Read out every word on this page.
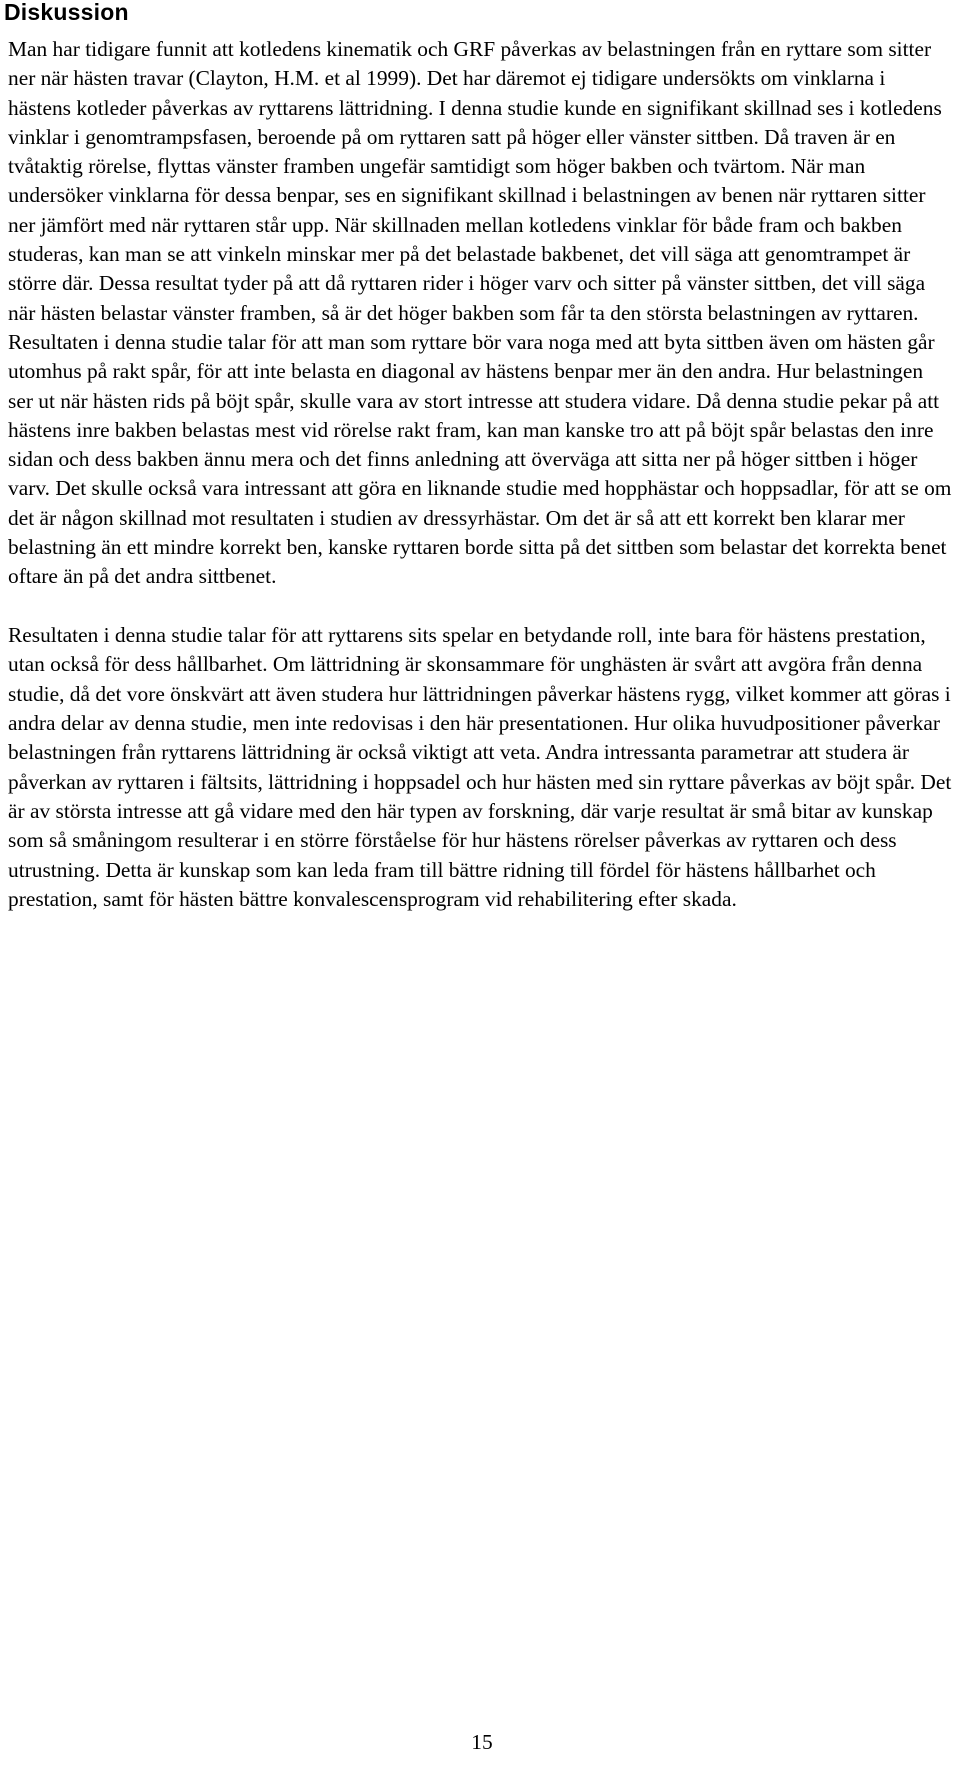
Diskussion

Man har tidigare funnit att kotledens kinematik och GRF påverkas av belastningen från en ryttare som sitter ner när hästen travar (Clayton, H.M. et al 1999). Det har däremot ej tidigare undersökts om vinklarna i hästens kotleder påverkas av ryttarens lättridning. I denna studie kunde en signifikant skillnad ses i kotledens vinklar i genomtrampsfasen, beroende på om ryttaren satt på höger eller vänster sittben. Då traven är en tvåtaktig rörelse, flyttas vänster framben ungefär samtidigt som höger bakben och tvärtom. När man undersöker vinklarna för dessa benpar, ses en signifikant skillnad i belastningen av benen när ryttaren sitter ner jämfört med när ryttaren står upp. När skillnaden mellan kotledens vinklar för både fram och bakben studeras, kan man se att vinkeln minskar mer på det belastade bakbenet, det vill säga att genomtrampet är större där. Dessa resultat tyder på att då ryttaren rider i höger varv och sitter på vänster sittben, det vill säga när hästen belastar vänster framben, så är det höger bakben som får ta den största belastningen av ryttaren. Resultaten i denna studie talar för att man som ryttare bör vara noga med att byta sittben även om hästen går utomhus på rakt spår, för att inte belasta en diagonal av hästens benpar mer än den andra. Hur belastningen ser ut när hästen rids på böjt spår, skulle vara av stort intresse att studera vidare. Då denna studie pekar på att hästens inre bakben belastas mest vid rörelse rakt fram, kan man kanske tro att på böjt spår belastas den inre sidan och dess bakben ännu mera och det finns anledning att överväga att sitta ner på höger sittben i höger varv. Det skulle också vara intressant att göra en liknande studie med hopphästar och hoppsadlar, för att se om det är någon skillnad mot resultaten i studien av dressyrhästar. Om det är så att ett korrekt ben klarar mer belastning än ett mindre korrekt ben, kanske ryttaren borde sitta på det sittben som belastar det korrekta benet oftare än på det andra sittbenet.

Resultaten i denna studie talar för att ryttarens sits spelar en betydande roll, inte bara för hästens prestation, utan också för dess hållbarhet. Om lättridning är skonsammare för unghästen är svårt att avgöra från denna studie, då det vore önskvärt att även studera hur lättridningen påverkar hästens rygg, vilket kommer att göras i andra delar av denna studie, men inte redovisas i den här presentationen. Hur olika huvudpositioner påverkar belastningen från ryttarens lättridning är också viktigt att veta. Andra intressanta parametrar att studera är påverkan av ryttaren i fältsits, lättridning i hoppsadel och hur hästen med sin ryttare påverkas av böjt spår. Det är av största intresse att gå vidare med den här typen av forskning, där varje resultat är små bitar av kunskap som så småningom resulterar i en större förståelse för hur hästens rörelser påverkas av ryttaren och dess utrustning. Detta är kunskap som kan leda fram till bättre ridning till fördel för hästens hållbarhet och prestation, samt för hästen bättre konvalescensprogram vid rehabilitering efter skada.

15
